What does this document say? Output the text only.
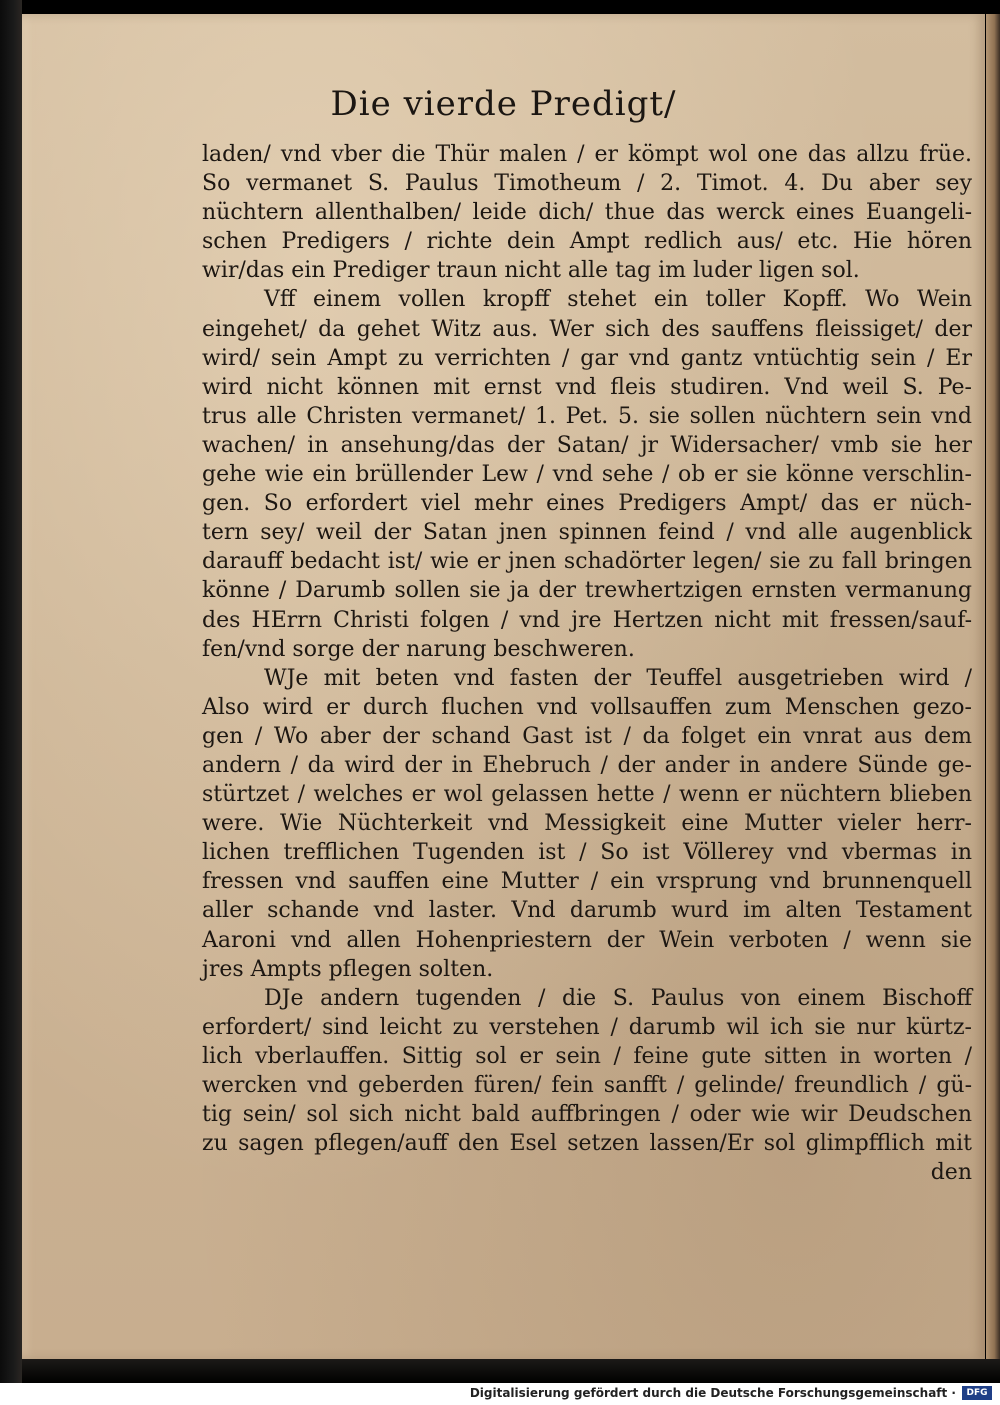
Die vierde Predigt/
laden/ vnd vber die Thür malen / er kömpt wol one das allzu früe.
So vermanet S. Paulus Timotheum / 2. Timot. 4. Du aber sey
nüchtern allenthalben/ leide dich/ thue das werck eines Euangeli-
schen Predigers / richte dein Ampt redlich aus/ etc. Hie hören
wir/das ein Prediger traun nicht alle tag im luder ligen sol.
Vff einem vollen kropff stehet ein toller Kopff. Wo Wein
eingehet/ da gehet Witz aus. Wer sich des sauffens fleissiget/ der
wird/ sein Ampt zu verrichten / gar vnd gantz vntüchtig sein / Er
wird nicht können mit ernst vnd fleis studiren. Vnd weil S. Pe-
trus alle Christen vermanet/ 1. Pet. 5. sie sollen nüchtern sein vnd
wachen/ in ansehung/das der Satan/ jr Widersacher/ vmb sie her
gehe wie ein brüllender Lew / vnd sehe / ob er sie könne verschlin-
gen. So erfordert viel mehr eines Predigers Ampt/ das er nüch-
tern sey/ weil der Satan jnen spinnen feind / vnd alle augenblick
darauff bedacht ist/ wie er jnen schadörter legen/ sie zu fall bringen
könne / Darumb sollen sie ja der trewhertzigen ernsten vermanung
des HErrn Christi folgen / vnd jre Hertzen nicht mit fressen/sauf-
fen/vnd sorge der narung beschweren.
WJe mit beten vnd fasten der Teuffel ausgetrieben wird /
Also wird er durch fluchen vnd vollsauffen zum Menschen gezo-
gen / Wo aber der schand Gast ist / da folget ein vnrat aus dem
andern / da wird der in Ehebruch / der ander in andere Sünde ge-
stürtzet / welches er wol gelassen hette / wenn er nüchtern blieben
were. Wie Nüchterkeit vnd Messigkeit eine Mutter vieler herr-
lichen trefflichen Tugenden ist / So ist Völlerey vnd vbermas in
fressen vnd sauffen eine Mutter / ein vrsprung vnd brunnenquell
aller schande vnd laster. Vnd darumb wurd im alten Testament
Aaroni vnd allen Hohenpriestern der Wein verboten / wenn sie
jres Ampts pflegen solten.
DJe andern tugenden / die S. Paulus von einem Bischoff
erfordert/ sind leicht zu verstehen / darumb wil ich sie nur kürtz-
lich vberlauffen. Sittig sol er sein / feine gute sitten in worten /
wercken vnd geberden füren/ fein sanfft / gelinde/ freundlich / gü-
tig sein/ sol sich nicht bald auffbringen / oder wie wir Deudschen
zu sagen pflegen/auff den Esel setzen lassen/Er sol glimpfflich mit
den
Digitalisierung gefördert durch die Deutsche Forschungsgemeinschaft ·	DFG
